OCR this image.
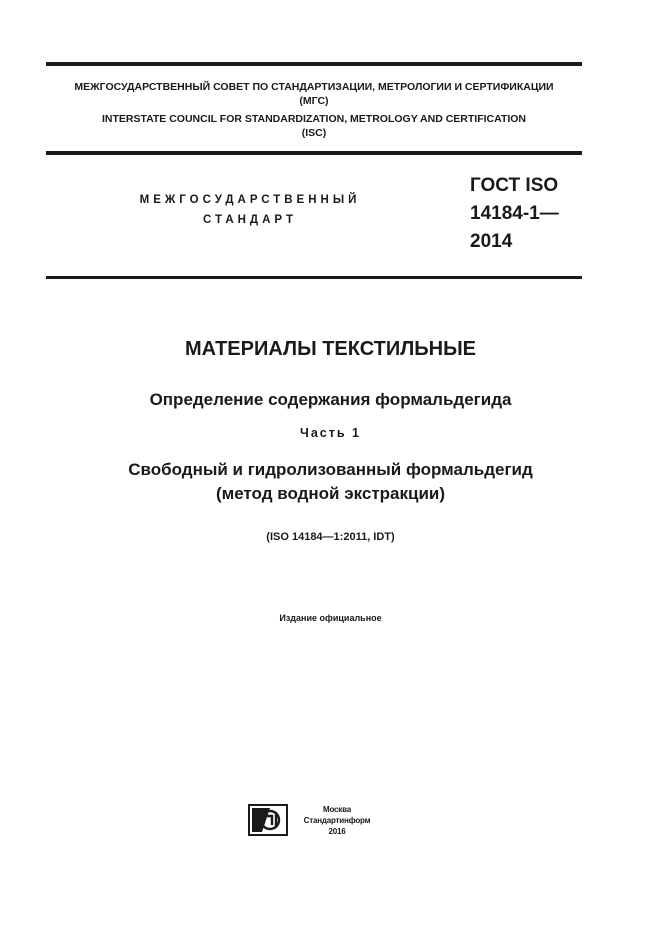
МЕЖГОСУДАРСТВЕННЫЙ СОВЕТ ПО СТАНДАРТИЗАЦИИ, МЕТРОЛОГИИ И СЕРТИФИКАЦИИ
(МГС)
INTERSTATE COUNCIL FOR STANDARDIZATION, METROLOGY AND CERTIFICATION
(ISC)
МЕЖГОСУДАРСТВЕННЫЙ
СТАНДАРТ
ГОСТ ISO
14184-1—
2014
МАТЕРИАЛЫ ТЕКСТИЛЬНЫЕ
Определение содержания формальдегида
Часть 1
Свободный и гидролизованный формальдегид
(метод водной экстракции)
(ISO 14184—1:2011, IDT)
Издание официальное
Москва
Стандартинформ
2016
